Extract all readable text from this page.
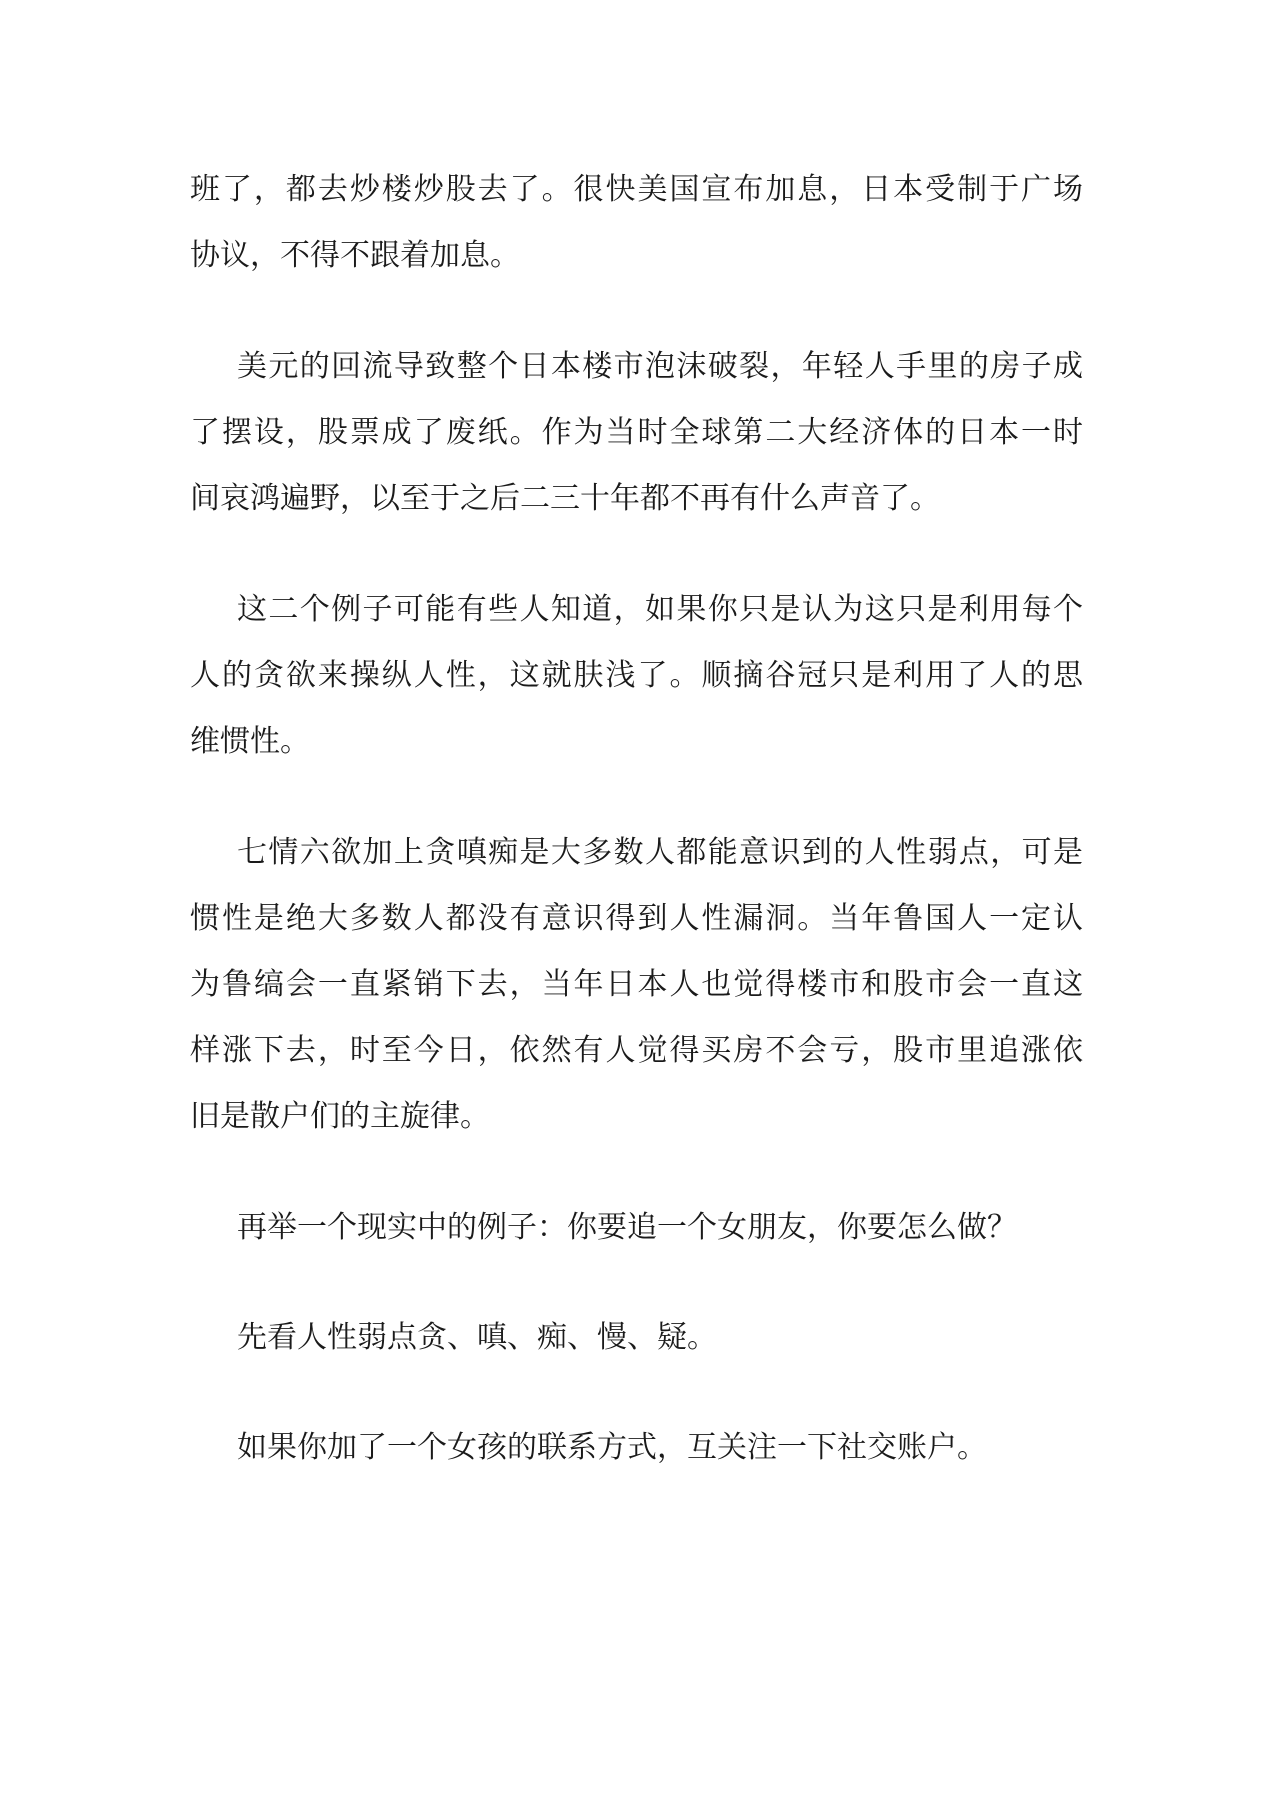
班了，都去炒楼炒股去了。很快美国宣布加息，日本受制于广场
协议，不得不跟着加息。
美元的回流导致整个日本楼市泡沫破裂，年轻人手里的房子成
了摆设，股票成了废纸。作为当时全球第二大经济体的日本一时
间哀鸿遍野，以至于之后二三十年都不再有什么声音了。
这二个例子可能有些人知道，如果你只是认为这只是利用每个
人的贪欲来操纵人性，这就肤浅了。顺摘谷冠只是利用了人的思
维惯性。
七情六欲加上贪嗔痴是大多数人都能意识到的人性弱点，可是
惯性是绝大多数人都没有意识得到人性漏洞。当年鲁国人一定认
为鲁缟会一直紧销下去，当年日本人也觉得楼市和股市会一直这
样涨下去，时至今日，依然有人觉得买房不会亏，股市里追涨依
旧是散户们的主旋律。
再举一个现实中的例子：你要追一个女朋友，你要怎么做？
先看人性弱点贪、嗔、痴、慢、疑。
如果你加了一个女孩的联系方式，互关注一下社交账户。
